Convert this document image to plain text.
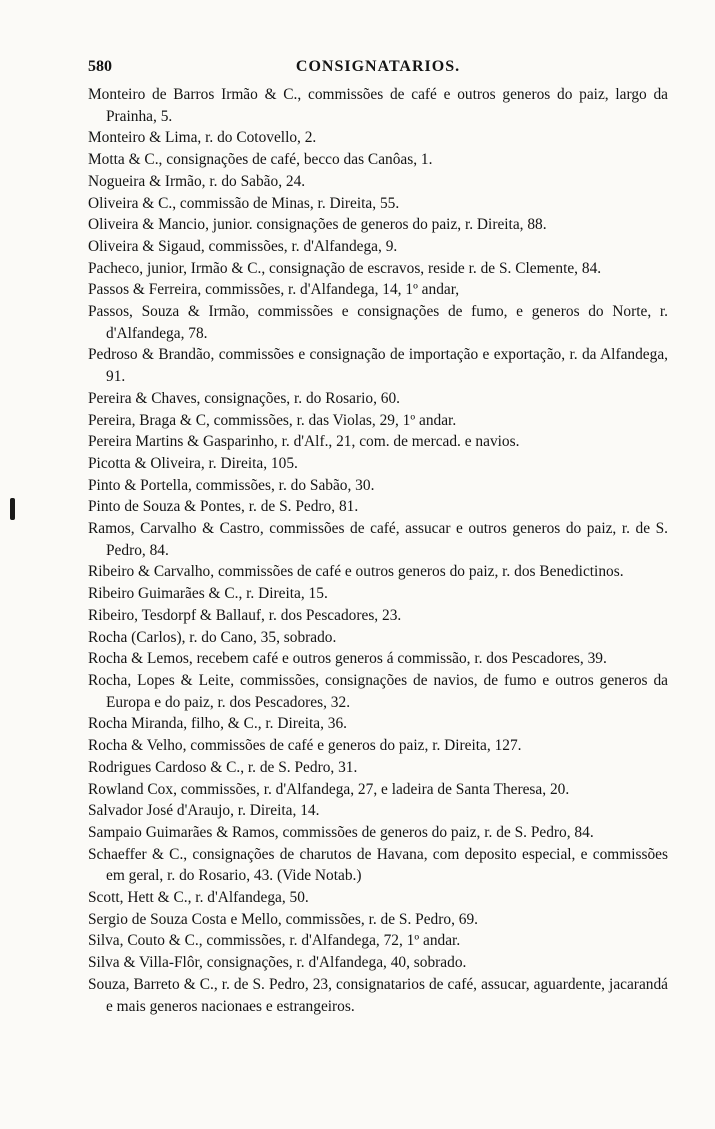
580	CONSIGNATARIOS.

Monteiro de Barros Irmão & C., commissões de café e outros generos do paiz, largo da Prainha, 5.

Monteiro & Lima, r. do Cotovello, 2.

Motta & C., consignações de café, becco das Canôas, 1.

Nogueira & Irmão, r. do Sabão, 24.

Oliveira & C., commissão de Minas, r. Direita, 55.

Oliveira & Mancio, junior. consignações de generos do paiz, r. Direita, 88.

Oliveira & Sigaud, commissões, r. d'Alfandega, 9.

Pacheco, junior, Irmão & C., consignação de escravos, reside r. de S. Clemente, 84.

Passos & Ferreira, commissões, r. d'Alfandega, 14, 1º andar,

Passos, Souza & Irmão, commissões e consignações de fumo, e generos do Norte, r. d'Alfandega, 78.

Pedroso & Brandão, commissões e consignação de importação e exportação, r. da Alfandega, 91.

Pereira & Chaves, consignações, r. do Rosario, 60.

Pereira, Braga & C, commissões, r. das Violas, 29, 1º andar.

Pereira Martins & Gasparinho, r. d'Alf., 21, com. de mercad. e navios.

Picotta & Oliveira, r. Direita, 105.

Pinto & Portella, commissões, r. do Sabão, 30.

Pinto de Souza & Pontes, r. de S. Pedro, 81.

Ramos, Carvalho & Castro, commissões de café, assucar e outros generos do paiz, r. de S. Pedro, 84.

Ribeiro & Carvalho, commissões de café e outros generos do paiz, r. dos Benedictinos.

Ribeiro Guimarães & C., r. Direita, 15.

Ribeiro, Tesdorpf & Ballauf, r. dos Pescadores, 23.

Rocha (Carlos), r. do Cano, 35, sobrado.

Rocha & Lemos, recebem café e outros generos á commissão, r. dos Pescadores, 39.

Rocha, Lopes & Leite, commissões, consignações de navios, de fumo e outros generos da Europa e do paiz, r. dos Pescadores, 32.

Rocha Miranda, filho, & C., r. Direita, 36.

Rocha & Velho, commissões de café e generos do paiz, r. Direita, 127.

Rodrigues Cardoso & C., r. de S. Pedro, 31.

Rowland Cox, commissões, r. d'Alfandega, 27, e ladeira de Santa Theresa, 20.

Salvador José d'Araujo, r. Direita, 14.

Sampaio Guimarães & Ramos, commissões de generos do paiz, r. de S. Pedro, 84.

Schaeffer & C., consignações de charutos de Havana, com deposito especial, e commissões em geral, r. do Rosario, 43. (Vide Notab.)

Scott, Hett & C., r. d'Alfandega, 50.

Sergio de Souza Costa e Mello, commissões, r. de S. Pedro, 69.

Silva, Couto & C., commissões, r. d'Alfandega, 72, 1º andar.

Silva & Villa-Flôr, consignações, r. d'Alfandega, 40, sobrado.

Souza, Barreto & C., r. de S. Pedro, 23, consignatarios de café, assucar, aguardente, jacarandá e mais generos nacionaes e estrangeiros.
